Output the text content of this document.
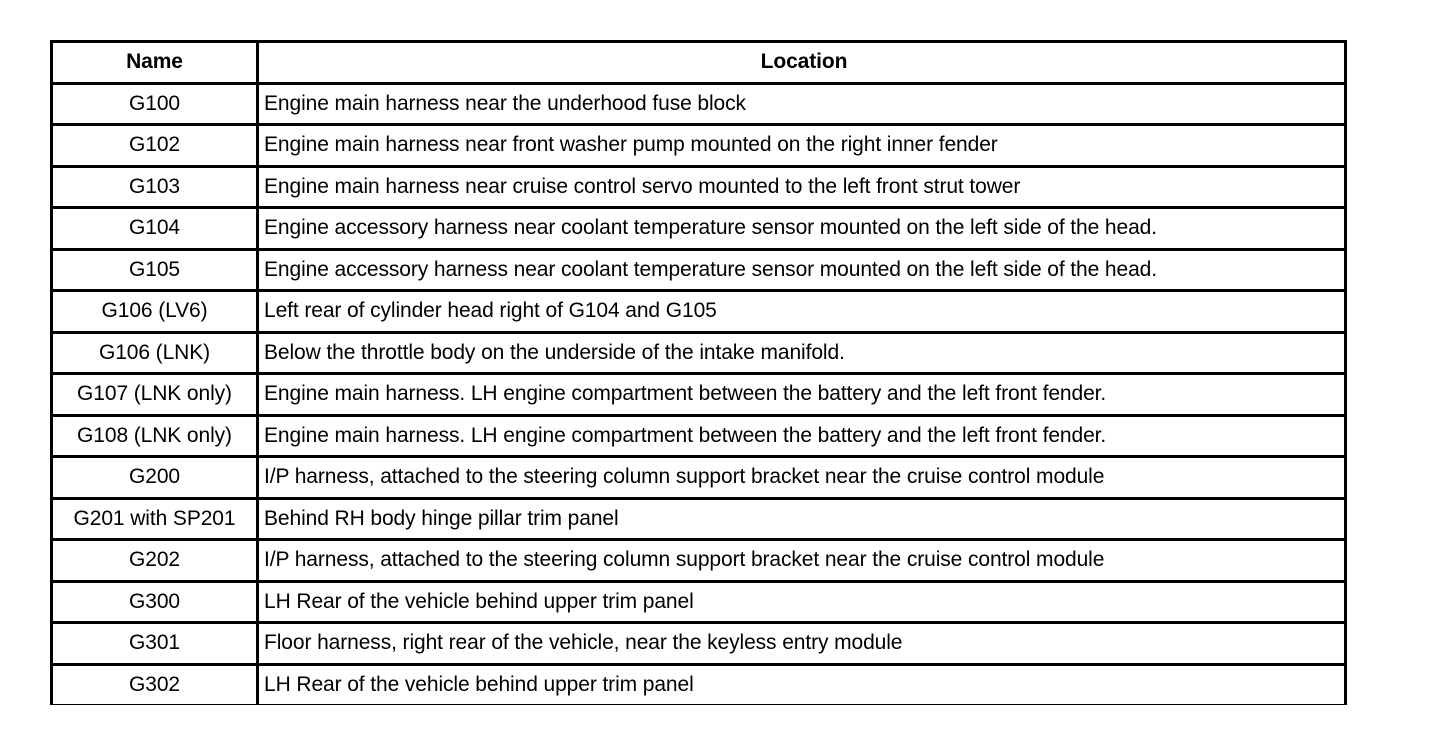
Name	Location
G100	Engine main harness near the underhood fuse block
G102	Engine main harness near front washer pump mounted on the right inner fender
G103	Engine main harness near cruise control servo mounted to the left front strut tower
G104	Engine accessory harness near coolant temperature sensor mounted on the left side of the head.
G105	Engine accessory harness near coolant temperature sensor mounted on the left side of the head.
G106 (LV6)	Left rear of cylinder head right of G104 and G105
G106 (LNK)	Below the throttle body on the underside of the intake manifold.
G107 (LNK only)	Engine main harness. LH engine compartment between the battery and the left front fender.
G108 (LNK only)	Engine main harness. LH engine compartment between the battery and the left front fender.
G200	I/P harness, attached to the steering column support bracket near the cruise control module
G201 with SP201	Behind RH body hinge pillar trim panel
G202	I/P harness, attached to the steering column support bracket near the cruise control module
G300	LH Rear of the vehicle behind upper trim panel
G301	Floor harness, right rear of the vehicle, near the keyless entry module
G302	LH Rear of the vehicle behind upper trim panel
